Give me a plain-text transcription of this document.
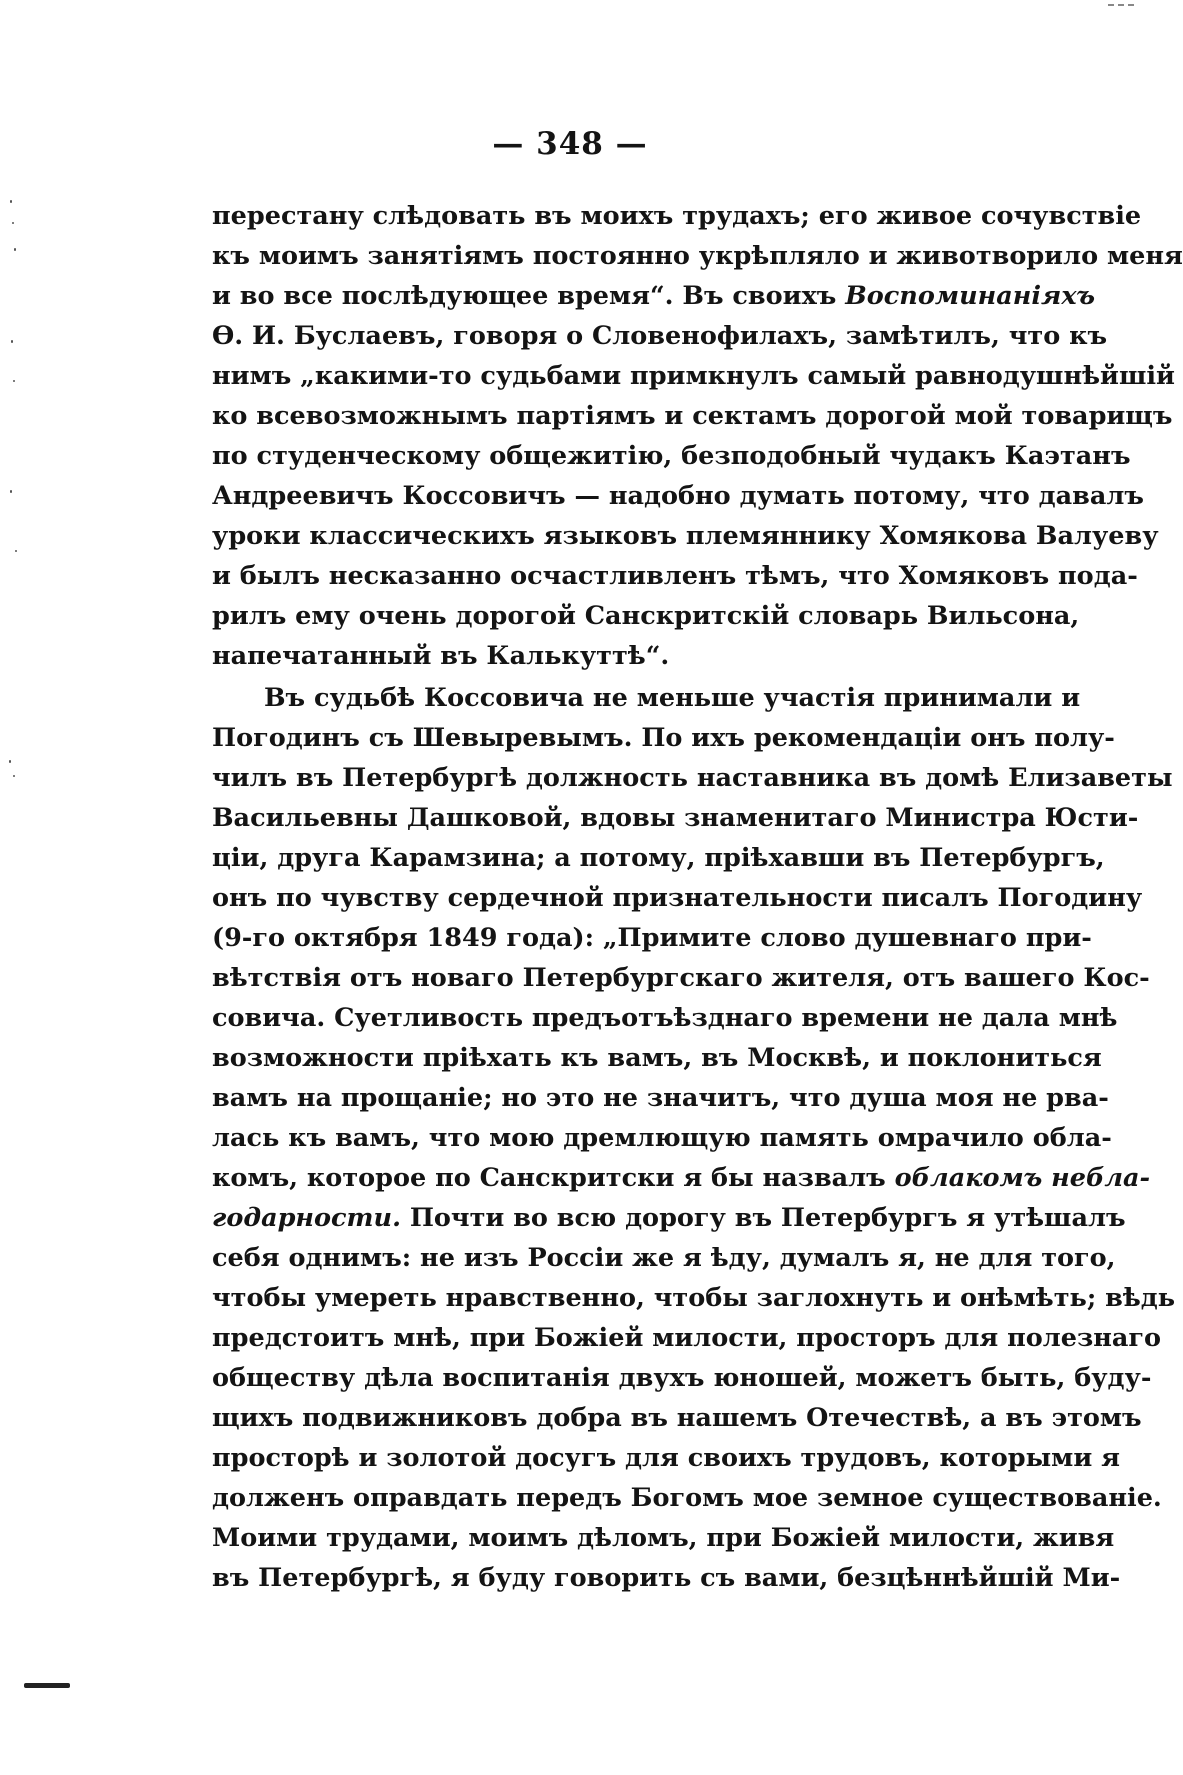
— 348 —
перестану слѣдовать въ моихъ трудахъ; его живое сочувствіе
къ моимъ занятіямъ постоянно укрѣпляло и животворило меня
и во все послѣдующее время“. Въ своихъ Воспоминаніяхъ
Ѳ. И. Буслаевъ, говоря о Словенофилахъ, замѣтилъ, что къ
нимъ „какими-то судьбами примкнулъ самый равнодушнѣйшій
ко всевозможнымъ партіямъ и сектамъ дорогой мой товарищъ
по студенческому общежитію, безподобный чудакъ Каэтанъ
Андреевичъ Коссовичъ — надобно думать потому, что давалъ
уроки классическихъ языковъ племяннику Хомякова Валуеву
и былъ несказанно осчастливленъ тѣмъ, что Хомяковъ пода-
рилъ ему очень дорогой Санскритскій словарь Вильсона,
напечатанный въ Калькуттѣ“.
Въ судьбѣ Коссовича не меньше участія принимали и
Погодинъ съ Шевыревымъ. По ихъ рекомендаціи онъ полу-
чилъ въ Петербургѣ должность наставника въ домѣ Елизаветы
Васильевны Дашковой, вдовы знаменитаго Министра Юсти-
ціи, друга Карамзина; а потому, пріѣхавши въ Петербургъ,
онъ по чувству сердечной признательности писалъ Погодину
(9-го октября 1849 года): „Примите слово душевнаго при-
вѣтствія отъ новаго Петербургскаго жителя, отъ вашего Кос-
совича. Суетливость предъотъѣзднаго времени не дала мнѣ
возможности пріѣхать къ вамъ, въ Москвѣ, и поклониться
вамъ на прощаніе; но это не значитъ, что душа моя не рва-
лась къ вамъ, что мою дремлющую память омрачило обла-
комъ, которое по Санскритски я бы назвалъ облакомъ небла-
годарности. Почти во всю дорогу въ Петербургъ я утѣшалъ
себя однимъ: не изъ Россіи же я ѣду, думалъ я, не для того,
чтобы умереть нравственно, чтобы заглохнуть и онѣмѣть; вѣдь
предстоитъ мнѣ, при Божіей милости, просторъ для полезнаго
обществу дѣла воспитанія двухъ юношей, можетъ быть, буду-
щихъ подвижниковъ добра въ нашемъ Отечествѣ, а въ этомъ
просторѣ и золотой досугъ для своихъ трудовъ, которыми я
долженъ оправдать передъ Богомъ мое земное существованіе.
Моими трудами, моимъ дѣломъ, при Божіей милости, живя
въ Петербургѣ, я буду говорить съ вами, безцѣннѣйшій Ми-
